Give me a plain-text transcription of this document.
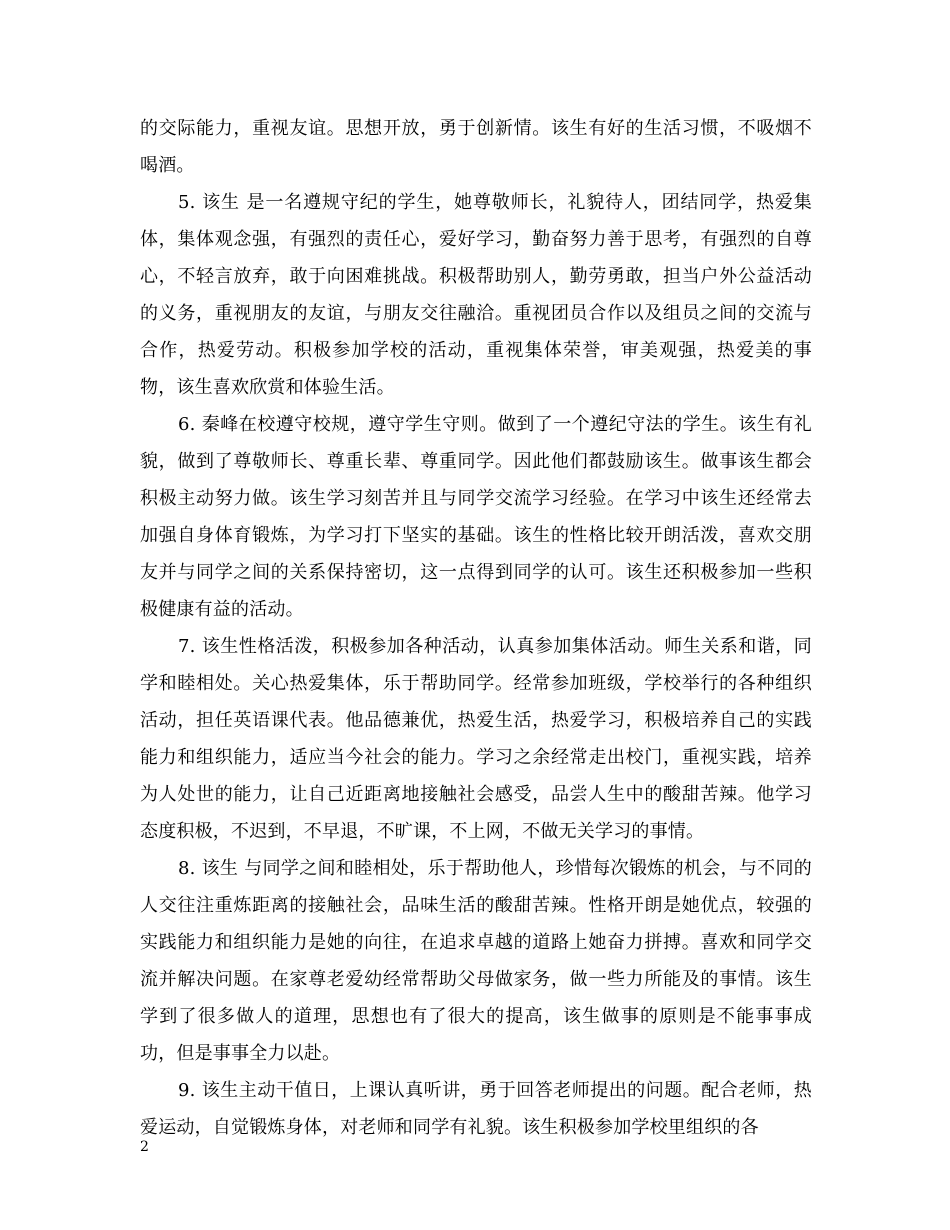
的交际能力，重视友谊。思想开放，勇于创新情。该生有好的生活习惯，不吸烟不喝酒。

5. 该生 是一名遵规守纪的学生，她尊敬师长，礼貌待人，团结同学，热爱集体，集体观念强，有强烈的责任心，爱好学习，勤奋努力善于思考，有强烈的自尊心，不轻言放弃，敢于向困难挑战。积极帮助别人，勤劳勇敢，担当户外公益活动的义务，重视朋友的友谊，与朋友交往融洽。重视团员合作以及组员之间的交流与合作，热爱劳动。积极参加学校的活动，重视集体荣誉，审美观强，热爱美的事物，该生喜欢欣赏和体验生活。

6. 秦峰在校遵守校规，遵守学生守则。做到了一个遵纪守法的学生。该生有礼貌，做到了尊敬师长、尊重长辈、尊重同学。因此他们都鼓励该生。做事该生都会积极主动努力做。该生学习刻苦并且与同学交流学习经验。在学习中该生还经常去加强自身体育锻炼，为学习打下坚实的基础。该生的性格比较开朗活泼，喜欢交朋友并与同学之间的关系保持密切，这一点得到同学的认可。该生还积极参加一些积极健康有益的活动。

7. 该生性格活泼，积极参加各种活动，认真参加集体活动。师生关系和谐，同学和睦相处。关心热爱集体，乐于帮助同学。经常参加班级，学校举行的各种组织活动，担任英语课代表。他品德兼优，热爱生活，热爱学习，积极培养自己的实践能力和组织能力，适应当今社会的能力。学习之余经常走出校门，重视实践，培养为人处世的能力，让自己近距离地接触社会感受，品尝人生中的酸甜苦辣。他学习态度积极，不迟到，不早退，不旷课，不上网，不做无关学习的事情。

8. 该生 与同学之间和睦相处，乐于帮助他人，珍惜每次锻炼的机会，与不同的人交往注重炼距离的接触社会，品味生活的酸甜苦辣。性格开朗是她优点，较强的实践能力和组织能力是她的向往，在追求卓越的道路上她奋力拼搏。喜欢和同学交流并解决问题。在家尊老爱幼经常帮助父母做家务，做一些力所能及的事情。该生学到了很多做人的道理，思想也有了很大的提高，该生做事的原则是不能事事成功，但是事事全力以赴。

9. 该生主动干值日，上课认真听讲，勇于回答老师提出的问题。配合老师，热爱运动，自觉锻炼身体，对老师和同学有礼貌。该生积极参加学校里组织的各

2
